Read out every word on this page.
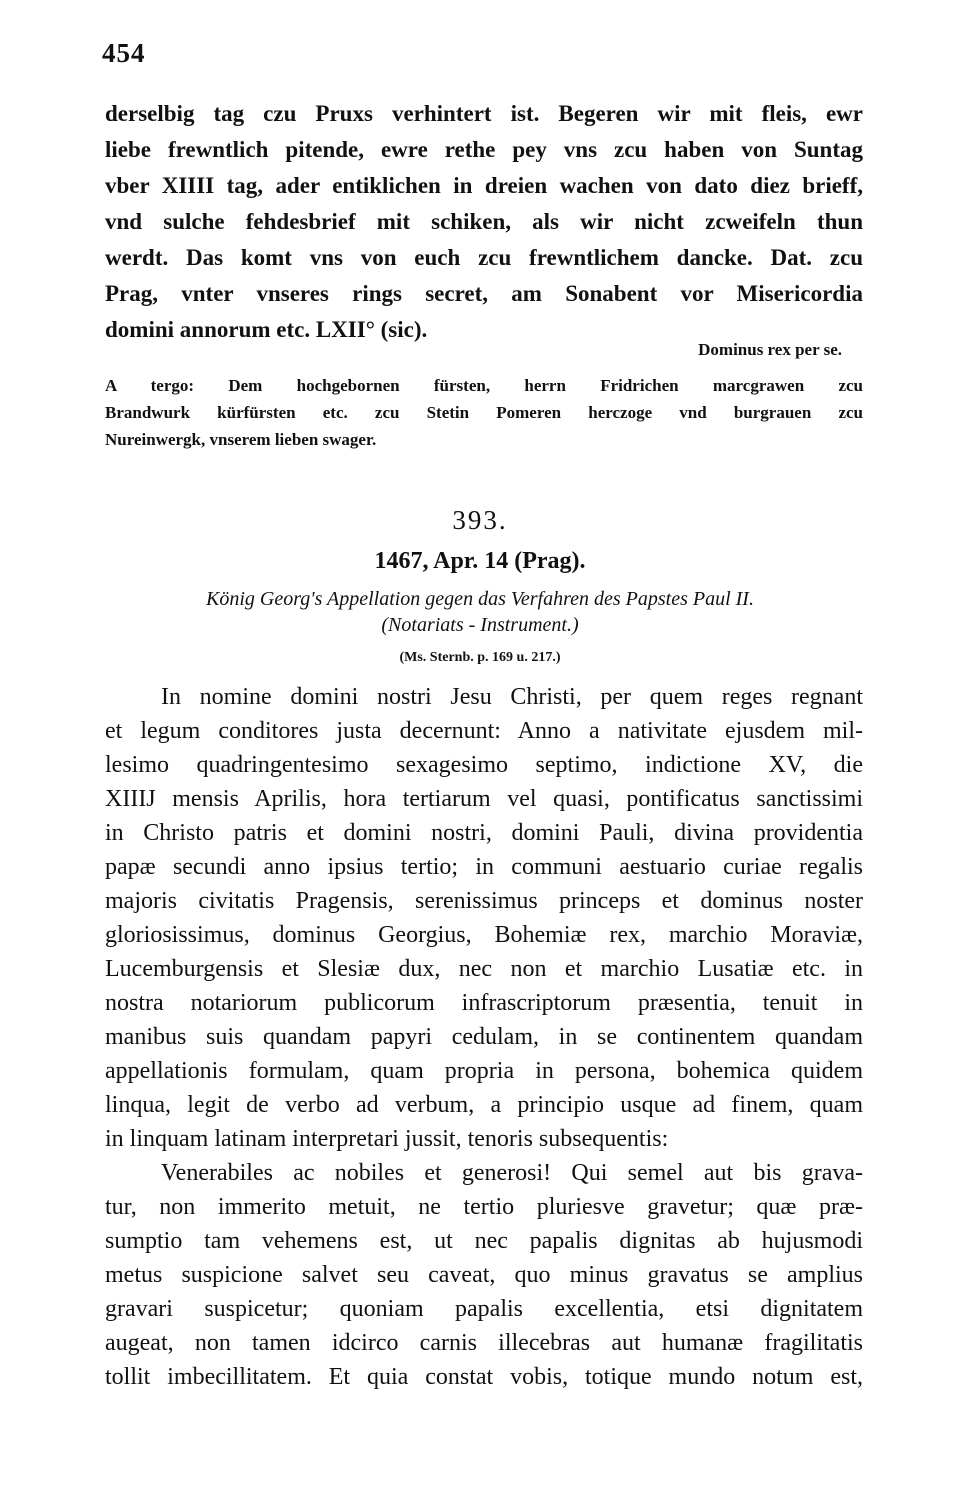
454
derselbig tag czu Pruxs verhintert ist. Begeren wir mit fleis, ewr
liebe frewntlich pitende, ewre rethe pey vns zcu haben von Suntag
vber XIIII tag, ader entiklichen in dreien wachen von dato diez brieff,
vnd sulche fehdesbrief mit schiken, als wir nicht zcweifeln thun
werdt. Das komt vns von euch zcu frewntlichem dancke. Dat. zcu
Prag, vnter vnseres rings secret, am Sonabent vor Misericordia
domini annorum etc. LXII° (sic).
Dominus rex per se.
A tergo: Dem hochgebornen fürsten, herrn Fridrichen marcgrawen zcu
Brandwurk kürfürsten etc. zcu Stetin Pomeren herczoge vnd burgrauen zcu
Nureinwergk, vnserem lieben swager.
393.
1467, Apr. 14 (Prag).
König Georg's Appellation gegen das Verfahren des Papstes Paul II.
(Notariats - Instrument.)
(Ms. Sternb. p. 169 u. 217.)
In nomine domini nostri Jesu Christi, per quem reges regnant
et legum conditores justa decernunt: Anno a nativitate ejusdem mil-
lesimo quadringentesimo sexagesimo septimo, indictione XV, die
XIIIJ mensis Aprilis, hora tertiarum vel quasi, pontificatus sanctissimi
in Christo patris et domini nostri, domini Pauli, divina providentia
papæ secundi anno ipsius tertio; in communi aestuario curiae regalis
majoris civitatis Pragensis, serenissimus princeps et dominus noster
gloriosissimus, dominus Georgius, Bohemiæ rex, marchio Moraviæ,
Lucemburgensis et Slesiæ dux, nec non et marchio Lusatiæ etc. in
nostra notariorum publicorum infrascriptorum præsentia, tenuit in
manibus suis quandam papyri cedulam, in se continentem quandam
appellationis formulam, quam propria in persona, bohemica quidem
linqua, legit de verbo ad verbum, a principio usque ad finem, quam
in linquam latinam interpretari jussit, tenoris subsequentis:
Venerabiles ac nobiles et generosi! Qui semel aut bis grava-
tur, non immerito metuit, ne tertio pluriesve gravetur; quæ præ-
sumptio tam vehemens est, ut nec papalis dignitas ab hujusmodi
metus suspicione salvet seu caveat, quo minus gravatus se amplius
gravari suspicetur; quoniam papalis excellentia, etsi dignitatem
augeat, non tamen idcirco carnis illecebras aut humanæ fragilitatis
tollit imbecillitatem. Et quia constat vobis, totique mundo notum est,
